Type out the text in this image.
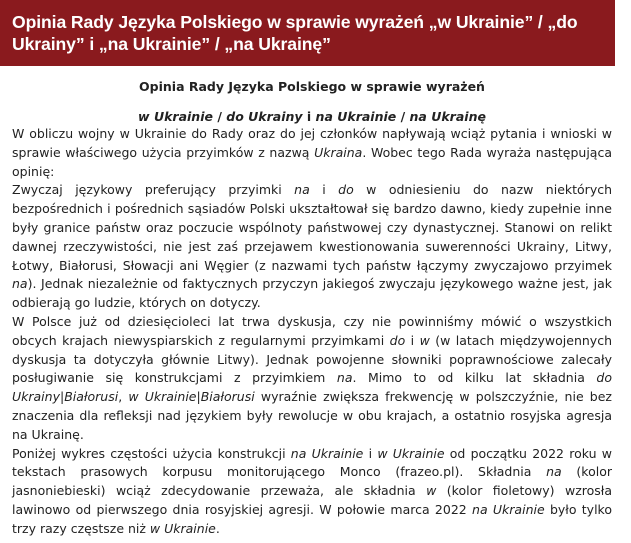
Opinia Rady Języka Polskiego w sprawie wyrażeń „w Ukrainie” / „do Ukrainy” i „na Ukrainie” / „na Ukrainę”

Opinia Rady Języka Polskiego w sprawie wyrażeń

w Ukrainie / do Ukrainy i na Ukrainie / na Ukrainę

W obliczu wojny w Ukrainie do Rady oraz do jej członków napływają wciąż pytania i wnioski w sprawie właściwego użycia przyimków z nazwą Ukraina. Wobec tego Rada wyraża następująca opinię:

Zwyczaj językowy preferujący przyimki na i do w odniesieniu do nazw niektórych bezpośrednich i pośrednich sąsiadów Polski ukształtował się bardzo dawno, kiedy zupełnie inne były granice państw oraz poczucie wspólnoty państwowej czy dynastycznej. Stanowi on relikt dawnej rzeczywistości, nie jest zaś przejawem kwestionowania suwerenności Ukrainy, Litwy, Łotwy, Białorusi, Słowacji ani Węgier (z nazwami tych państw łączymy zwyczajowo przyimek na). Jednak niezależnie od faktycznych przyczyn jakiegoś zwyczaju językowego ważne jest, jak odbierają go ludzie, których on dotyczy.

W Polsce już od dziesięcioleci lat trwa dyskusja, czy nie powinniśmy mówić o wszystkich obcych krajach niewyspiarskich z regularnymi przyimkami do i w (w latach międzywojennych dyskusja ta dotyczyła głównie Litwy). Jednak powojenne słowniki poprawnościowe zalecały posługiwanie się konstrukcjami z przyimkiem na. Mimo to od kilku lat składnia do Ukrainy|Białorusi, w Ukrainie|Białorusi wyraźnie zwiększa frekwencję w polszczyźnie, nie bez znaczenia dla refleksji nad językiem były rewolucje w obu krajach, a ostatnio rosyjska agresja na Ukrainę.

Poniżej wykres częstości użycia konstrukcji na Ukrainie i w Ukrainie od początku 2022 roku w tekstach prasowych korpusu monitorującego Monco (frazeo.pl). Składnia na (kolor jasnoniebieski) wciąż zdecydowanie przeważa, ale składnia w (kolor fioletowy) wzrosła lawinowo od pierwszego dnia rosyjskiej agresji. W połowie marca 2022 na Ukrainie było tylko trzy razy częstsze niż w Ukrainie.
